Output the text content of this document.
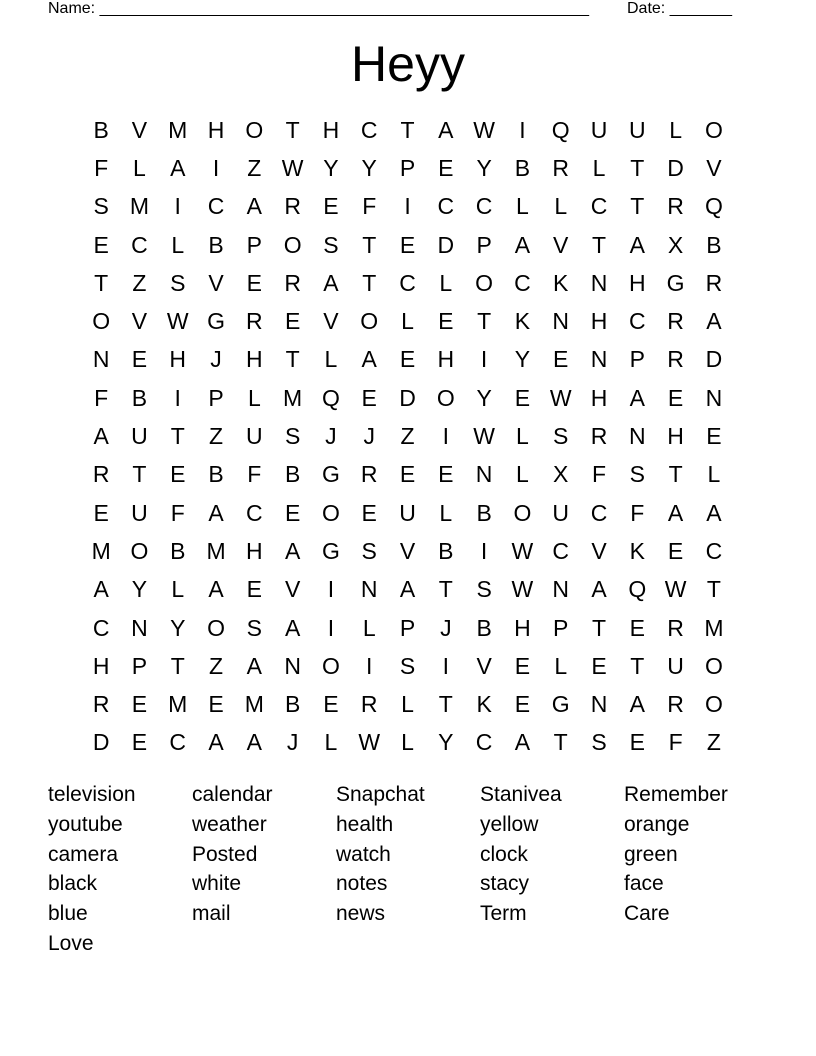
Name: _______________________________________________________ Date: _______
Heyy
B V M H O T H C T	A W	I	Q U U	L O
F	L	A	I	Z W Y Y P E Y B R	L	T D V
S M	I	C A R E	F	I	C C	L	L	C T R Q
E C	L	B P O S	T	E D P A V	T	A X B
T	Z	S V E R A	T C	L O C K N H G R
O V W G R E V O L	E	T	K N H C R A
N E H	J	H T	L	A E H	I	Y E N P R D
F	B	I	P	L M Q E D O Y E W H A E N
A U T	Z U S	J	J	Z	I	W L	S R N H E
R T	E B	F	B G R E E N	L	X	F	S	T	L
E U F	A C E O E U	L	B O U C F	A A
M O B M H A G S V B	I	W C V K E C
A Y	L	A E V	I	N A	T	S W N A Q W T
C N Y O S A	I	L	P	J	B H P	T	E R M
H P	T	Z	A N O	I	S	I	V E	L	E	T U O
R E M E M B E R	L	T	K E G N A R O
D E C A A	J	L W L	Y C A	T	S E	F	Z
television	calendar	Snapchat	Stanivea	Remember
youtube	weather	health	yellow	orange
camera	Posted	watch	clock	green
black	white	notes	stacy	face
blue	mail	news	Term	Care
Love
